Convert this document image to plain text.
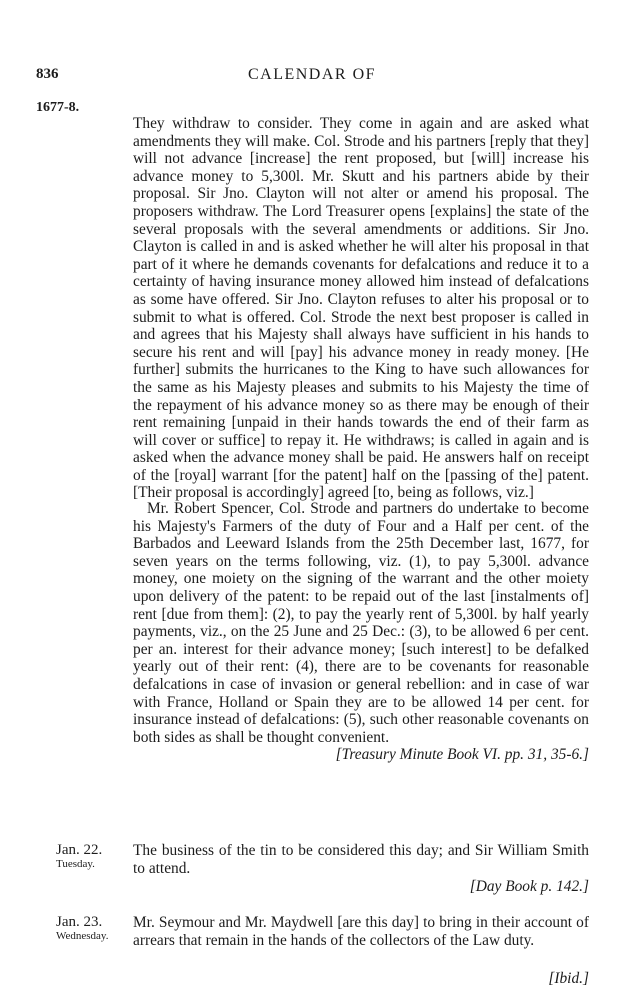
836	CALENDAR OF
1677-8.

They withdraw to consider. They come in again and are asked what amendments they will make. Col. Strode and his partners [reply that they] will not advance [increase] the rent proposed, but [will] increase his advance money to 5,300l. Mr. Skutt and his partners abide by their proposal. Sir Jno. Clayton will not alter or amend his proposal. The proposers withdraw. The Lord Treasurer opens [explains] the state of the several proposals with the several amendments or additions. Sir Jno. Clayton is called in and is asked whether he will alter his proposal in that part of it where he demands covenants for defalcations and reduce it to a certainty of having insurance money allowed him instead of defalcations as some have offered. Sir Jno. Clayton refuses to alter his proposal or to submit to what is offered. Col. Strode the next best proposer is called in and agrees that his Majesty shall always have sufficient in his hands to secure his rent and will [pay] his advance money in ready money. [He further] submits the hurricanes to the King to have such allowances for the same as his Majesty pleases and submits to his Majesty the time of the repayment of his advance money so as there may be enough of their rent remaining [unpaid in their hands towards the end of their farm as will cover or suffice] to repay it. He withdraws; is called in again and is asked when the advance money shall be paid. He answers half on receipt of the [royal] warrant [for the patent] half on the [passing of the] patent. [Their proposal is accordingly] agreed [to, being as follows, viz.]

Mr. Robert Spencer, Col. Strode and partners do undertake to become his Majesty's Farmers of the duty of Four and a Half per cent. of the Barbados and Leeward Islands from the 25th December last, 1677, for seven years on the terms following, viz. (1), to pay 5,300l. advance money, one moiety on the signing of the warrant and the other moiety upon delivery of the patent: to be repaid out of the last [instalments of] rent [due from them]: (2), to pay the yearly rent of 5,300l. by half yearly payments, viz., on the 25 June and 25 Dec.: (3), to be allowed 6 per cent. per an. interest for their advance money; [such interest] to be defalked yearly out of their rent: (4), there are to be covenants for reasonable defalcations in case of invasion or general rebellion: and in case of war with France, Holland or Spain they are to be allowed 14 per cent. for insurance instead of defalcations: (5), such other reasonable covenants on both sides as shall be thought convenient.

[Treasury Minute Book VI. pp. 31, 35-6.]
Jan. 22.
Tuesday.
The business of the tin to be considered this day; and Sir William Smith to attend.
[Day Book p. 142.]
Jan. 23.
Wednesday.
Mr. Seymour and Mr. Maydwell [are this day] to bring in their account of arrears that remain in the hands of the collectors of the Law duty.
[Ibid.]
